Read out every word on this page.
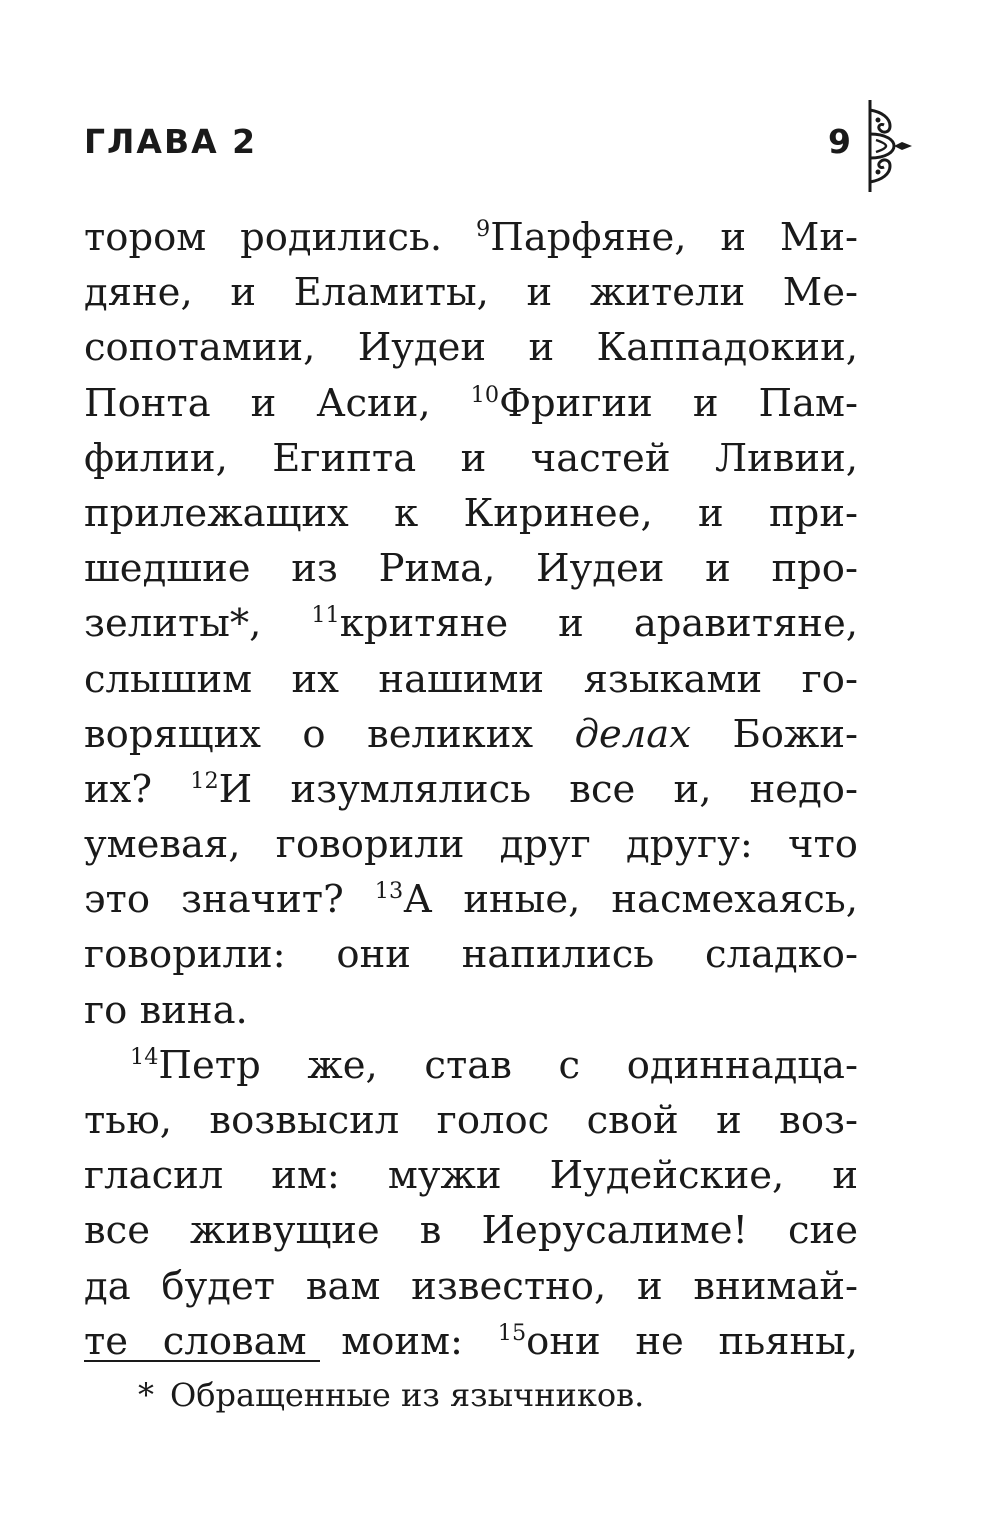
ГЛАВА 2	9
тором родились. $^9$Парфяне, и Ми-
дяне, и Еламиты, и жители Ме-
сопотамии, Иудеи и Каппадокии,
Понта и Асии, $^{10}$Фригии и Пам-
филии, Египта и частей Ливии,
прилежащих к Киринее, и при-
шедшие из Рима, Иудеи и про-
зелиты*, $^{11}$критяне и аравитяне,
слышим их нашими языками го-
ворящих о великих делах Божи-
их? $^{12}$И изумлялись все и, недо-
умевая, говорили друг другу: что
это значит? $^{13}$А иные, насмехаясь,
говорили: они напились сладко-
го вина.
$^{14}$Петр же, став с одиннадца-
тью, возвысил голос свой и воз-
гласил им: мужи Иудейские, и
все живущие в Иерусалиме! сие
да будет вам известно, и внимай-
те словам моим: $^{15}$они не пьяны,
* Обращенные из язычников.
